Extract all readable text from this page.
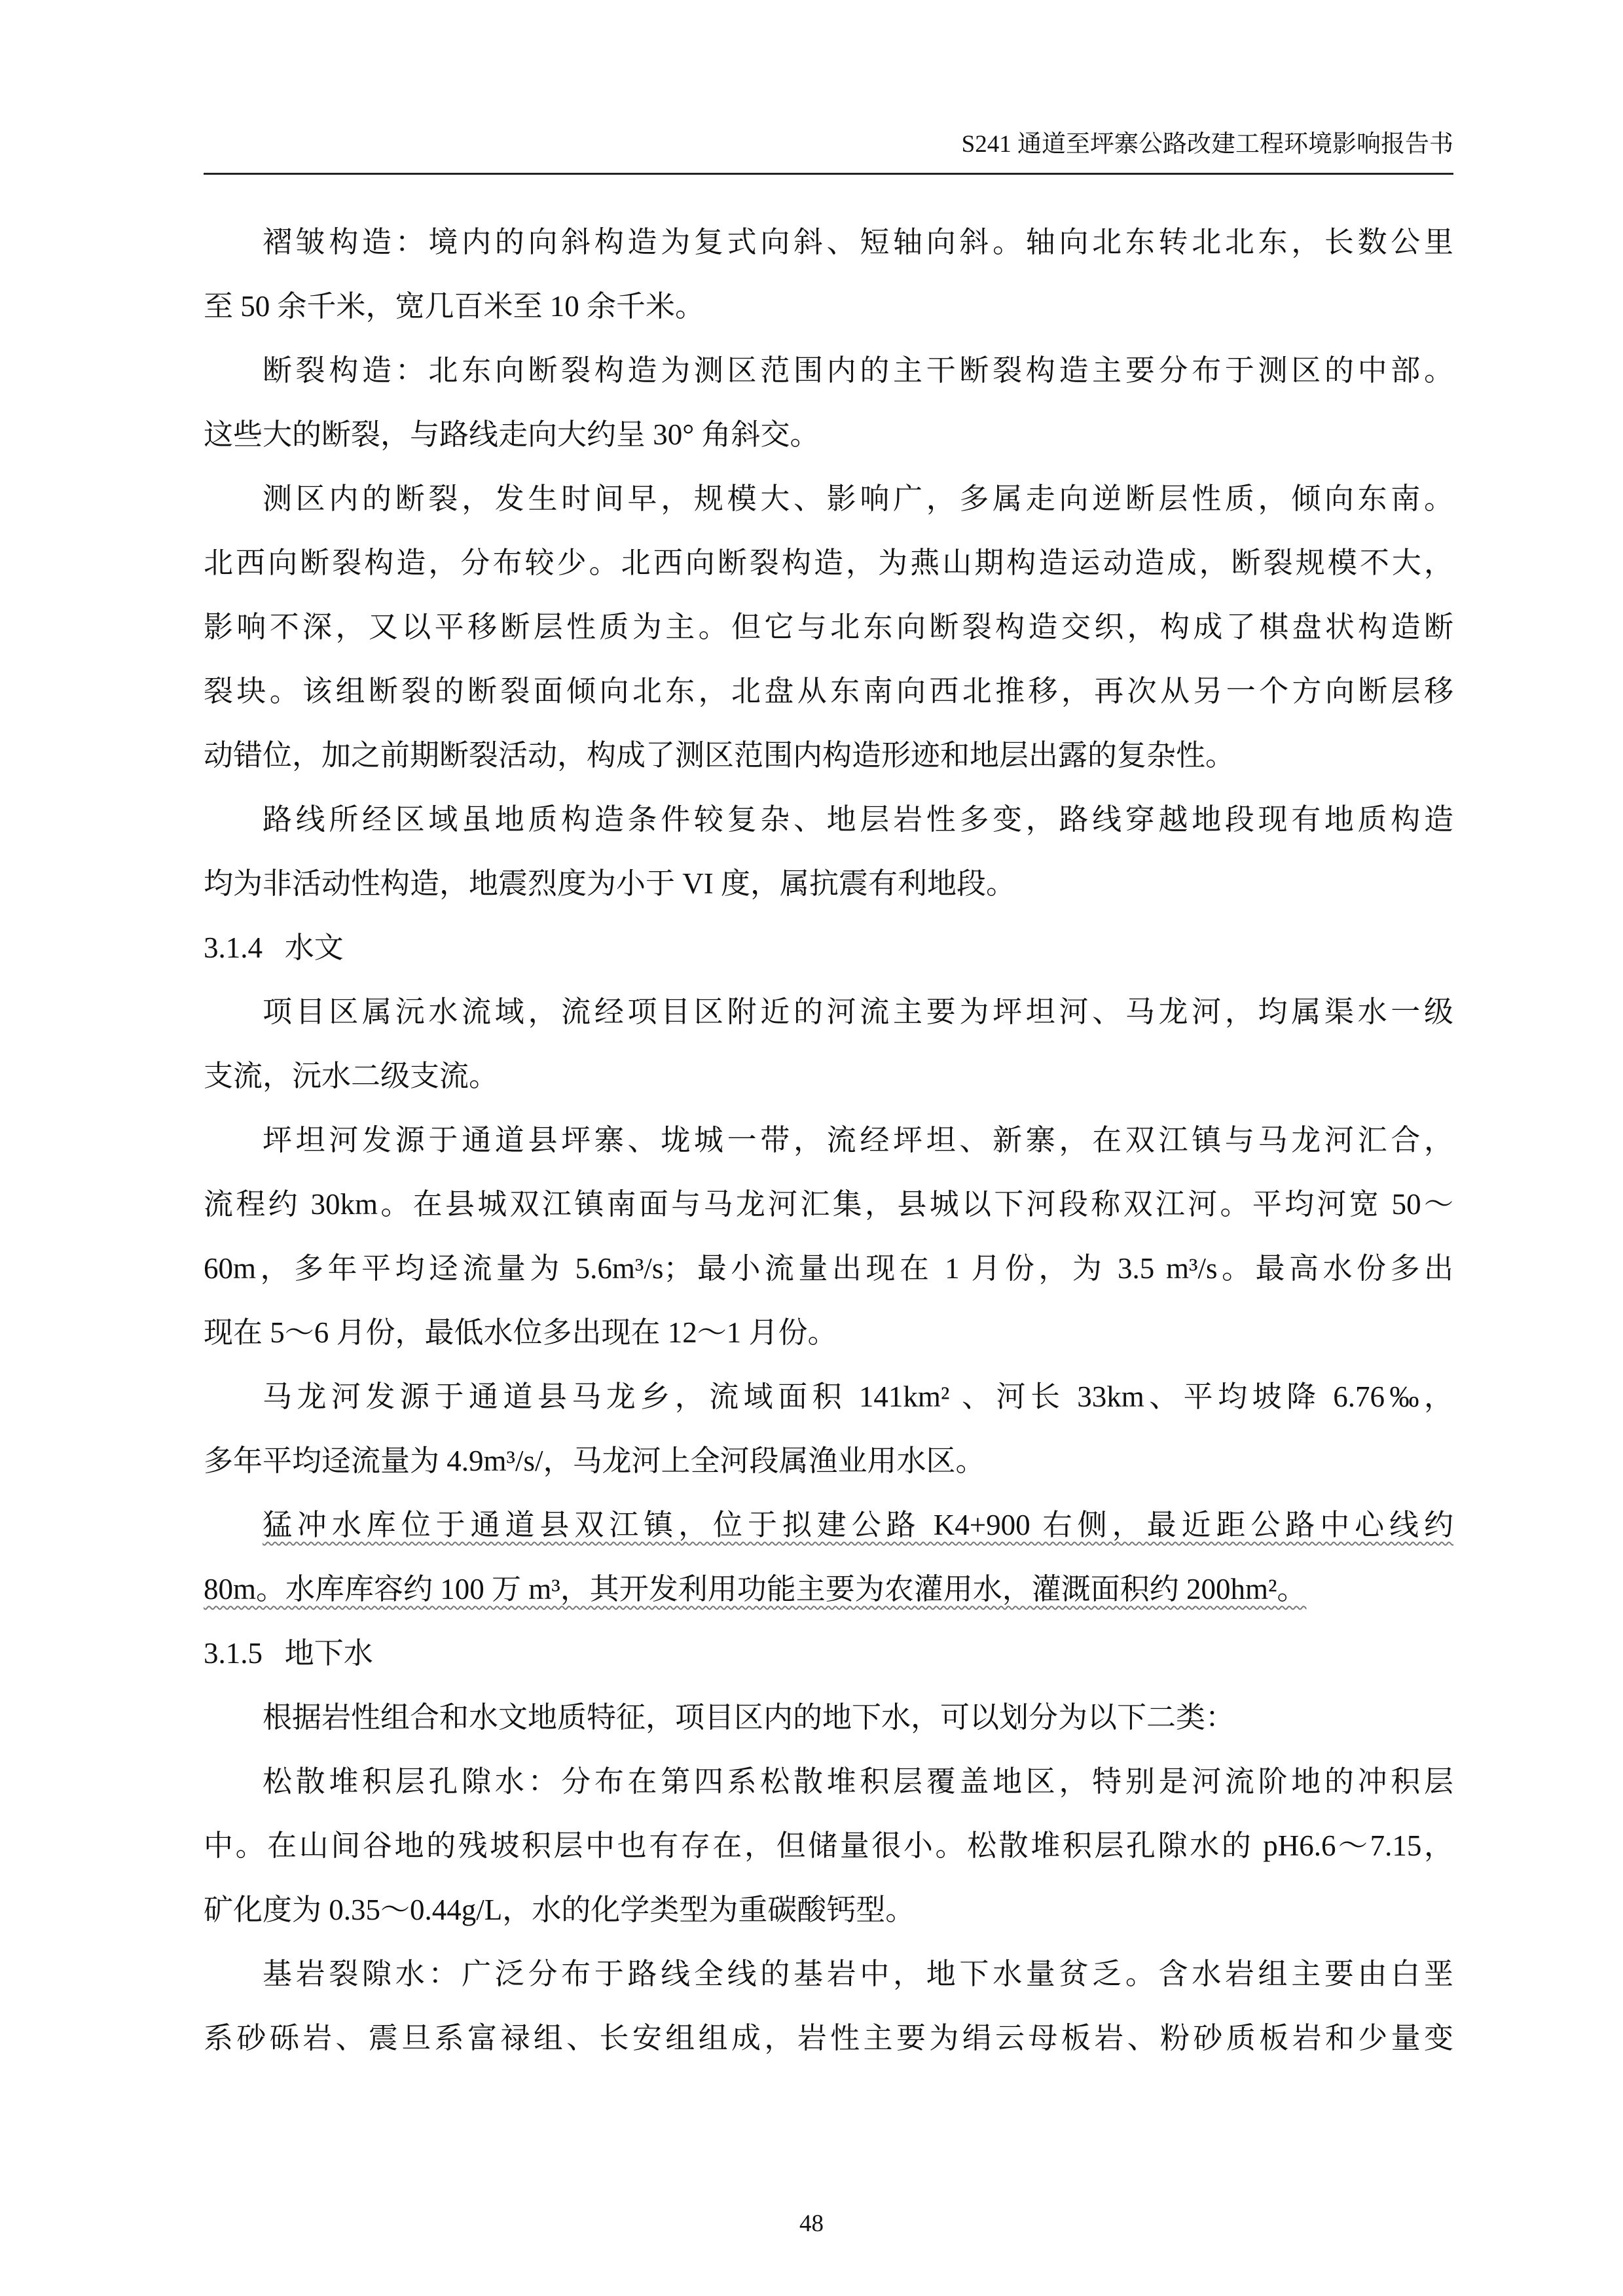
S241 通道至坪寨公路改建工程环境影响报告书
褶皱构造：境内的向斜构造为复式向斜、短轴向斜。轴向北东转北北东，长数公里
至 50 余千米，宽几百米至 10 余千米。
断裂构造：北东向断裂构造为测区范围内的主干断裂构造主要分布于测区的中部。
这些大的断裂，与路线走向大约呈 30° 角斜交。
测区内的断裂，发生时间早，规模大、影响广，多属走向逆断层性质，倾向东南。
北西向断裂构造，分布较少。北西向断裂构造，为燕山期构造运动造成，断裂规模不大，
影响不深，又以平移断层性质为主。但它与北东向断裂构造交织，构成了棋盘状构造断
裂块。该组断裂的断裂面倾向北东，北盘从东南向西北推移，再次从另一个方向断层移
动错位，加之前期断裂活动，构成了测区范围内构造形迹和地层出露的复杂性。
路线所经区域虽地质构造条件较复杂、地层岩性多变，路线穿越地段现有地质构造
均为非活动性构造，地震烈度为小于 VI 度，属抗震有利地段。
3.1.4   水文
项目区属沅水流域，流经项目区附近的河流主要为坪坦河、马龙河，均属渠水一级
支流，沅水二级支流。
坪坦河发源于通道县坪寨、垅城一带，流经坪坦、新寨，在双江镇与马龙河汇合，
流程约 30km。在县城双江镇南面与马龙河汇集，县城以下河段称双江河。平均河宽 50～
60m，多年平均迳流量为 5.6m³/s；最小流量出现在 1 月份，为 3.5 m³/s。最高水份多出
现在 5～6 月份，最低水位多出现在 12～1 月份。
马龙河发源于通道县马龙乡，流域面积 141km² 、河长 33km、平均坡降 6.76‰，
多年平均迳流量为 4.9m³/s/，马龙河上全河段属渔业用水区。
猛冲水库位于通道县双江镇，位于拟建公路 K4+900 右侧，最近距公路中心线约
80m。水库库容约 100 万 m³，其开发利用功能主要为农灌用水，灌溉面积约 200hm²。
3.1.5   地下水
根据岩性组合和水文地质特征，项目区内的地下水，可以划分为以下二类：
松散堆积层孔隙水：分布在第四系松散堆积层覆盖地区，特别是河流阶地的冲积层
中。在山间谷地的残坡积层中也有存在，但储量很小。松散堆积层孔隙水的 pH6.6～7.15，
矿化度为 0.35～0.44g/L，水的化学类型为重碳酸钙型。
基岩裂隙水：广泛分布于路线全线的基岩中，地下水量贫乏。含水岩组主要由白垩
系砂砾岩、震旦系富禄组、长安组组成，岩性主要为绢云母板岩、粉砂质板岩和少量变
48
